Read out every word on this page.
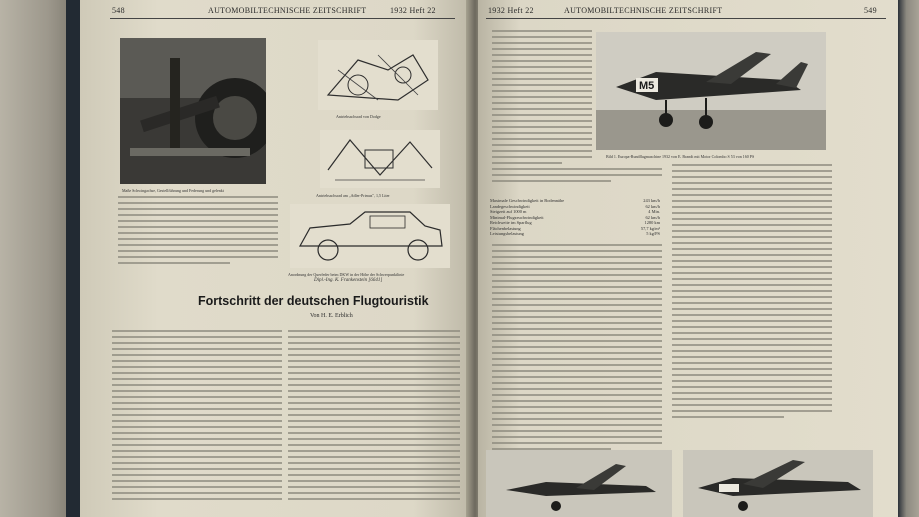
548	AUTOMOBILTECHNISCHE ZEITSCHRIFT	1932 Heft 22
Maße Schwingachse, Gestellführung und Federung und gelenkt
Antriebsachsrad von Dodge
Antriebsachsrad am „Adler-Primus", 1,5 Liter
Anordnung der Querfeder beim DKW in der Höhe der Schwerpunktlinie
Dipl.-Ing. K. Frankenstein [6641]
Fortschritt der deutschen Flugtouristik
Von H. E. Erblich
1932 Heft 22	AUTOMOBILTECHNISCHE ZEITSCHRIFT	549
M5
Bild 1. Europa-Rundflugmaschine 1932 von E. Brandt mit Motor Colombo S 53 von 160 PS
Maximale Geschwindigkeit in Bodennähe	243 km/h
Landegeschwindigkeit	62 km/h
Steigzeit auf 1000 m	4 Min.
Minimal-Flugzeuchwindigkeit	62 km/h
Reichweite im Sparflug	1280 km
Flächenbelastung	57,7 kg/m²
Leistungsbelastung	5 kg/PS
